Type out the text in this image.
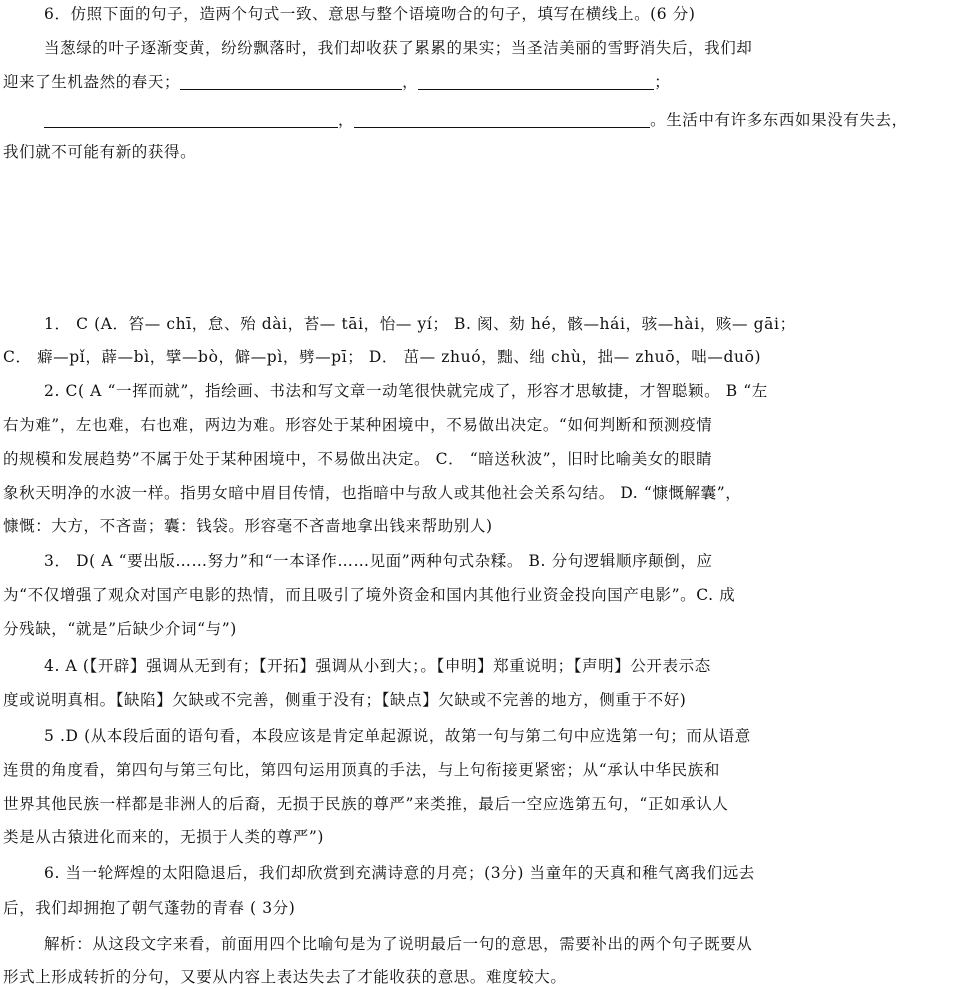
6．仿照下面的句子，造两个句式一致、意思与整个语境吻合的句子，填写在横线上。(6 分)
当葱绿的叶子逐渐变黄，纷纷飘落时，我们却收获了累累的果实；当圣洁美丽的雪野消失后，我们却
迎来了生机盎然的春天；	，	；
，	。生活中有许多东西如果没有失去，
我们就不可能有新的获得。
1． C (A．笞— chī，怠、殆 dài，苔— tāi，怡— yí； B. 阂、劾 hé，骸—hái，骇—hài，赅— gāi；
C． 癖—pǐ，薜—bì，擘—bò，僻—pì，劈—pī； D． 茁— zhuó，黜、绌 chù，拙— zhuō，咄—duō)
2. C( A “一挥而就”，指绘画、书法和写文章一动笔很快就完成了，形容才思敏捷，才智聪颖。 B “左
右为难”，左也难，右也难，两边为难。形容处于某种困境中，不易做出决定。“如何判断和预测疫情
的规模和发展趋势”不属于处于某种困境中，不易做出决定。 C． “暗送秋波”，旧时比喻美女的眼睛
象秋天明净的水波一样。指男女暗中眉目传情，也指暗中与敌人或其他社会关系勾结。 D. “慷慨解囊”，
慷慨：大方，不吝啬；囊：钱袋。形容毫不吝啬地拿出钱来帮助别人)
3． D( A “要出版……努力”和“一本译作……见面”两种句式杂糅。 B. 分句逻辑顺序颠倒，应
为“不仅增强了观众对国产电影的热情，而且吸引了境外资金和国内其他行业资金投向国产电影”。C. 成
分残缺，“就是”后缺少介词“与”)
4. A (【开辟】强调从无到有；【开拓】强调从小到大；。【申明】郑重说明；【声明】公开表示态
度或说明真相。【缺陷】欠缺或不完善，侧重于没有；【缺点】欠缺或不完善的地方，侧重于不好)
5 .D (从本段后面的语句看，本段应该是肯定单起源说，故第一句与第二句中应选第一句；而从语意
连贯的角度看，第四句与第三句比，第四句运用顶真的手法，与上句衔接更紧密；从“承认中华民族和
世界其他民族一样都是非洲人的后裔，无损于民族的尊严”来类推，最后一空应选第五句，“正如承认人
类是从古猿进化而来的，无损于人类的尊严”)
6. 当一轮辉煌的太阳隐退后，我们却欣赏到充满诗意的月亮；(3分) 当童年的天真和稚气离我们远去
后，我们却拥抱了朝气蓬勃的青春 ( 3分)
解析：从这段文字来看，前面用四个比喻句是为了说明最后一句的意思，需要补出的两个句子既要从
形式上形成转折的分句，又要从内容上表达失去了才能收获的意思。难度较大。
